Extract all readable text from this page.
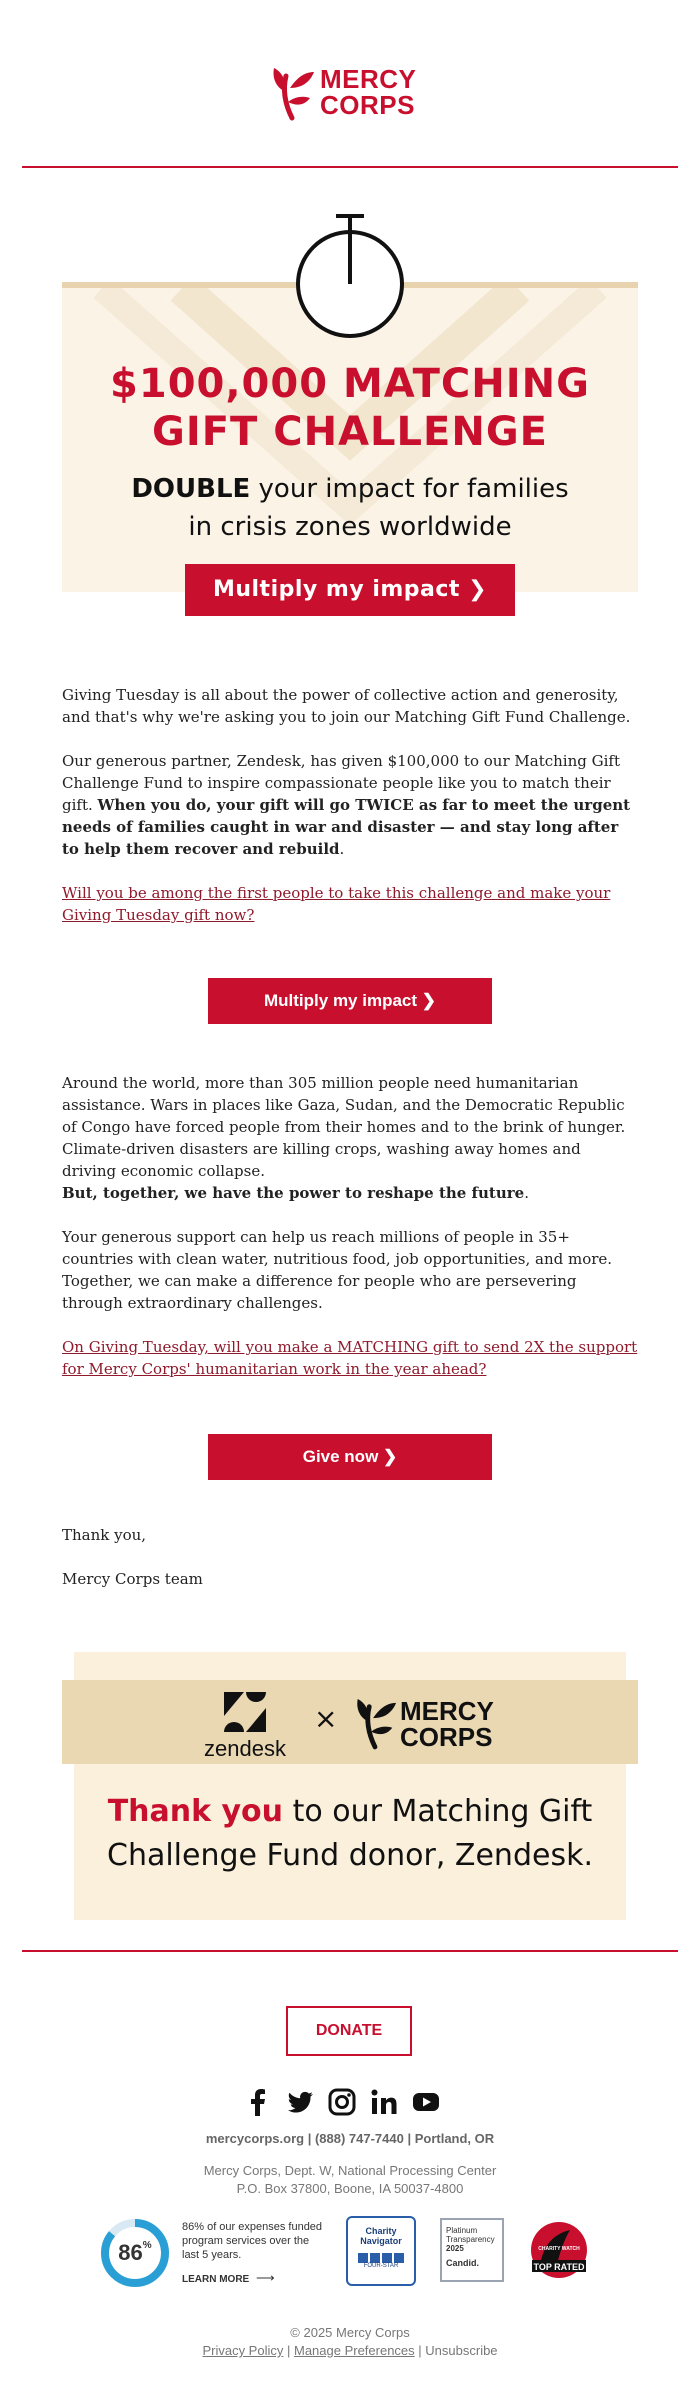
MERCY
CORPS
$100,000 MATCHING
GIFT CHALLENGE
DOUBLE your impact for families
in crisis zones worldwide
Multiply my impact ❯
Giving Tuesday is all about the power of collective action and generosity, and that's why we're asking you to join our Matching Gift Fund Challenge.
Our generous partner, Zendesk, has given $100,000 to our Matching Gift Challenge Fund to inspire compassionate people like you to match their gift. When you do, your gift will go TWICE as far to meet the urgent needs of families caught in war and disaster — and stay long after to help them recover and rebuild.
Will you be among the first people to take this challenge and make your Giving Tuesday gift now?
Multiply my impact ❯
Around the world, more than 305 million people need humanitarian assistance. Wars in places like Gaza, Sudan, and the Democratic Republic of Congo have forced people from their homes and to the brink of hunger. Climate-driven disasters are killing crops, washing away homes and driving economic collapse.
But, together, we have the power to reshape the future.
Your generous support can help us reach millions of people in 35+ countries with clean water, nutritious food, job opportunities, and more. Together, we can make a difference for people who are persevering through extraordinary challenges.
On Giving Tuesday, will you make a MATCHING gift to send 2X the support for Mercy Corps' humanitarian work in the year ahead?
Give now ❯
Thank you,
Mercy Corps team
zendesk
× MERCY
CORPS
Thank you to our Matching Gift
Challenge Fund donor, Zendesk.
DONATE
mercycorps.org | (888) 747-7440 | Portland, OR
Mercy Corps, Dept. W, National Processing Center
P.O. Box 37800, Boone, IA 50037-4800
86%
86% of our expenses funded
program services over the
last 5 years.
LEARN MORE ⟶
Charity
Navigator
FOUR-STAR
Platinum
Transparency
2025
Candid.
CHARITY WATCH
TOP RATED
© 2025 Mercy Corps
Privacy Policy | Manage Preferences | Unsubscribe
